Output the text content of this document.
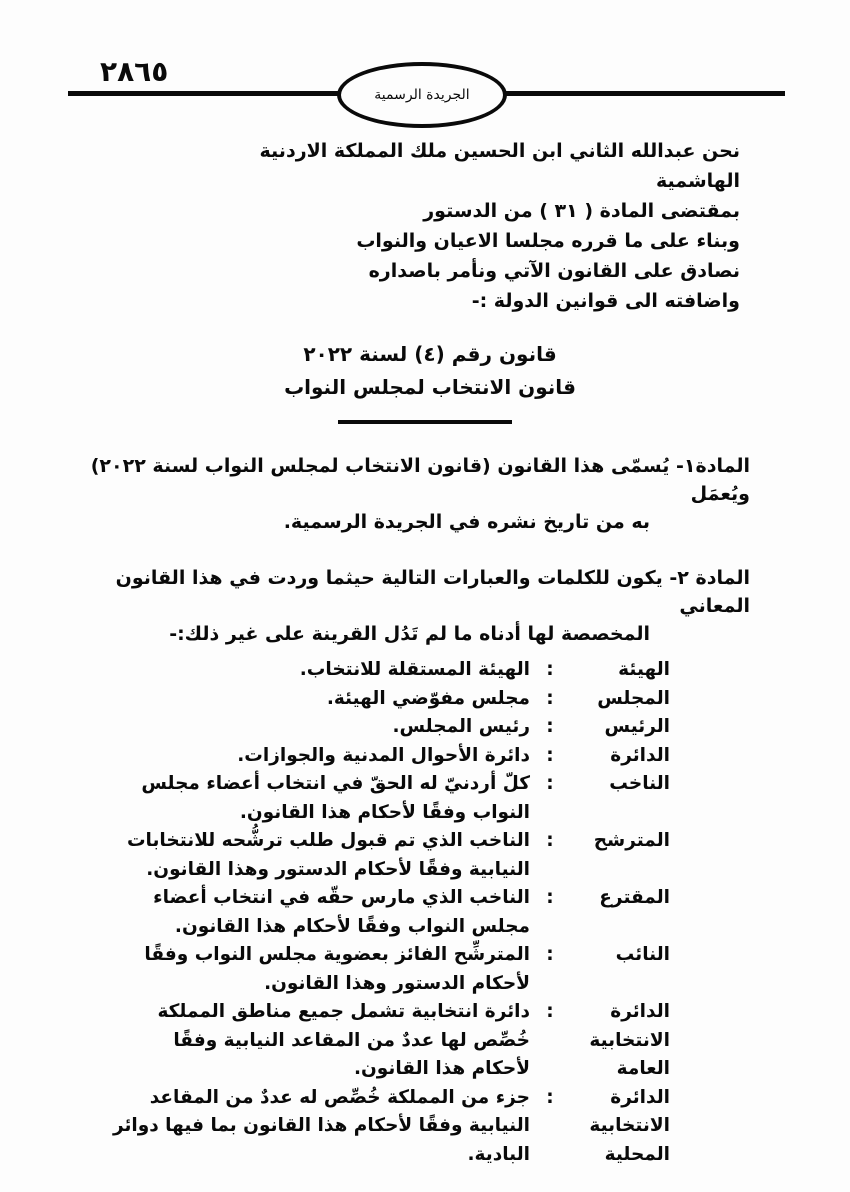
٢٨٦٥
الجريدة الرسمية
نحن عبدالله الثاني ابن الحسين ملك المملكة الاردنية الهاشمية
بمقتضى المادة ( ٣١ ) من الدستور
وبناء على ما قرره مجلسا الاعيان والنواب
نصادق على القانون الآتي ونأمر باصداره
واضافته الى قوانين الدولة :-
قانون رقم (٤) لسنة ٢٠٢٢
قانون الانتخاب لمجلس النواب
المادة١- يُسمّى هذا القانون (قانون الانتخاب لمجلس النواب لسنة ٢٠٢٢) ويُعمَل
به من تاريخ نشره في الجريدة الرسمية.
المادة ٢- يكون للكلمات والعبارات التالية حيثما وردت في هذا القانون المعاني
المخصصة لها أدناه ما لم تَدُل القرينة على غير ذلك:-
الهيئة
:
الهيئة المستقلة للانتخاب.
المجلس
:
مجلس مفوّضي الهيئة.
الرئيس
:
رئيس المجلس.
الدائرة
:
دائرة الأحوال المدنية والجوازات.
الناخب
:
كلّ أردنيّ له الحقّ في انتخاب أعضاء مجلس النواب وفقًا لأحكام هذا القانون.
المترشح
:
الناخب الذي تم قبول طلب ترشُّحه للانتخابات النيابية وفقًا لأحكام الدستور وهذا القانون.
المقترع
:
الناخب الذي مارس حقّه في انتخاب أعضاء مجلس النواب وفقًا لأحكام هذا القانون.
النائب
:
المترشِّح الفائز بعضوية مجلس النواب وفقًا لأحكام الدستور وهذا القانون.
الدائرة
الانتخابية
العامة
:
دائرة انتخابية تشمل جميع مناطق المملكة خُصِّص لها عددٌ من المقاعد النيابية وفقًا لأحكام هذا القانون.
الدائرة
الانتخابية
المحلية
:
جزء من المملكة خُصِّص له عددٌ من المقاعد النيابية وفقًا لأحكام هذا القانون بما فيها دوائر البادية.
